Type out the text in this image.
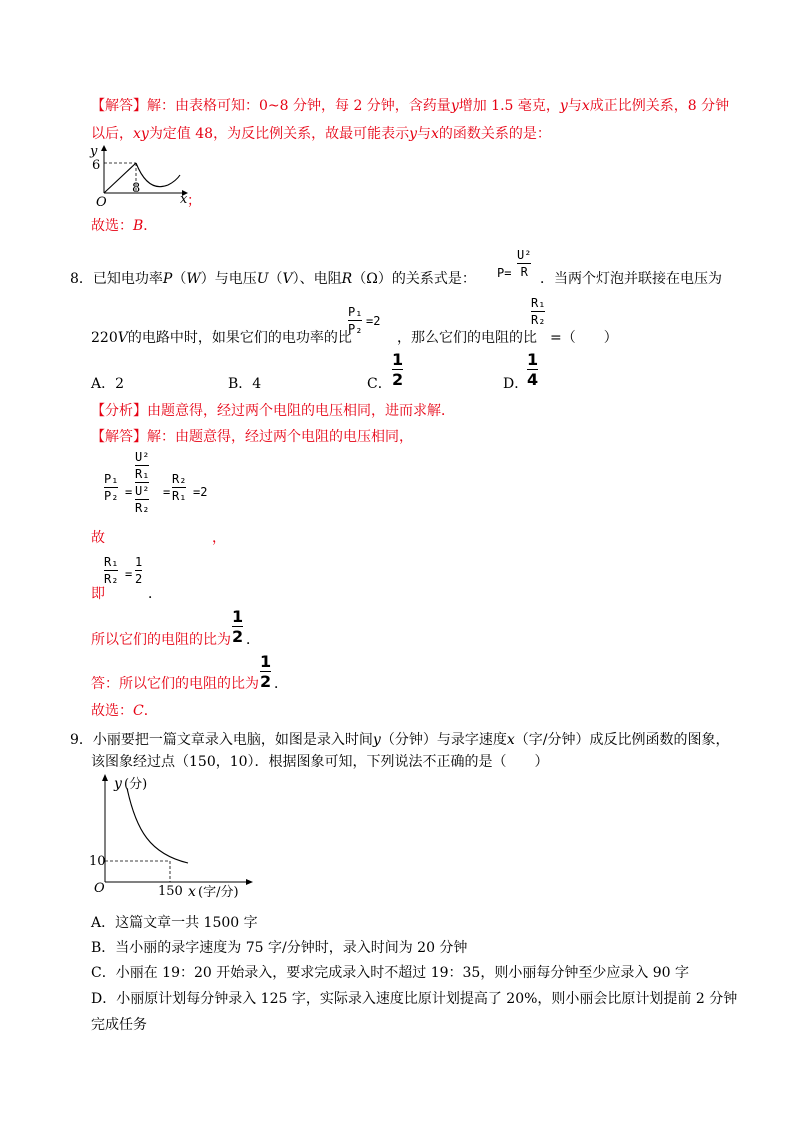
【解答】解：由表格可知：0~8 分钟，每 2 分钟，含药量y增加 1.5 毫克，y与x成正比例关系，8 分钟
以后，xy为定值 48，为反比例关系，故最可能表示y与x的函数关系的是：
y
6
O
8
x ；
故选：B．
8．已知电功率P（W）与电压U（V）、电阻R（Ω）的关系式是： P=
U²
R ．当两个灯泡并联接在电压为
220V的电路中时，如果它们的电功率的比
P₁
P₂
=2
，那么它们的电阻的比
R₁
R₂
=（　　）
A．2	B．4	C．
1
2	D．
1
4
【分析】由题意得，经过两个电阻的电压相同，进而求解．
【解答】解：由题意得，经过两个电阻的电压相同，
P₁
P₂ =
U²
R₁
U²
R₂
=
R₂
R₁ =2
故	，
即
R₁
R₂ =
1
2
．
所以它们的电阻的比为
1
2 ．
答：所以它们的电阻的比为
1
2 ．
故选：C．
9．小丽要把一篇文章录入电脑，如图是录入时间y（分钟）与录字速度x（字/分钟）成反比例函数的图象，
该图象经过点（150，10）．根据图象可知，下列说法不正确的是（　　）
y (分)
10
O	150 x (字/分)
A．这篇文章一共 1500 字
B．当小丽的录字速度为 75 字/分钟时，录入时间为 20 分钟
C．小丽在 19：20 开始录入，要求完成录入时不超过 19：35，则小丽每分钟至少应录入 90 字
D．小丽原计划每分钟录入 125 字，实际录入速度比原计划提高了 20%，则小丽会比原计划提前 2 分钟
完成任务
